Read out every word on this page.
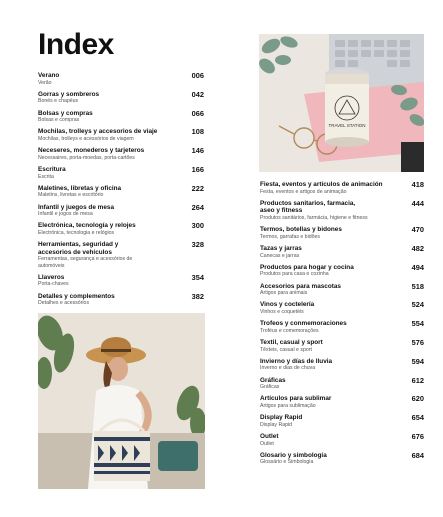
Index
TRAVEL STATION
Verano
Verão
006
Gorras y sombreros
Bonés e chapéus
042
Bolsas y compras
Bolsas e compras
066
Mochilas, trolleys y accesorios de viaje
Mochilas, trolleys e acessórios de viagem
108
Neceseres, monederos y tarjeteros
Necessaires, porta-moedas, porta-cartões
146
Escritura
Escrita
166
Maletines, libretas y oficina
Maletins, livretas e escritório
222
Infantil y juegos de mesa
Infantil e jogos de mesa
264
Electrónica, tecnología y relojes
Electrónica, tecnologia e relógios
300
Herramientas, seguridad y accesorios de vehículos
Ferramentas, segurança e acessórios de automóveis
328
Llaveros
Porta-chaves
354
Detalles y complementos
Detalhes e acessórios
382
Fiesta, eventos y artículos de animación
Festa, eventos e artigos de animação
418
Productos sanitarios, farmacia, aseo y fitness
Produtos sanitários, farmácia, higiene e fitness
444
Termos, botellas y bidones
Termos, garrafas e bidões
470
Tazas y jarras
Canecas e jarras
482
Productos para hogar y cocina
Produtos para casa e cozinha
494
Accesorios para mascotas
Artigos para animais
518
Vinos y coctelería
Vinhos e coquetéis
524
Trofeos y conmemoraciones
Troféus e comemorações
554
Textil, casual y sport
Têxteis, casual e sport
576
Invierno y días de lluvia
Inverno e dias de chuva
594
Gráficas
Gráficas
612
Artículos para sublimar
Artigos para sublimação
620
Display Rapid
Display Rapid
654
Outlet
Outlet
676
Glosario y simbología
Glossário e Simbologia
684
